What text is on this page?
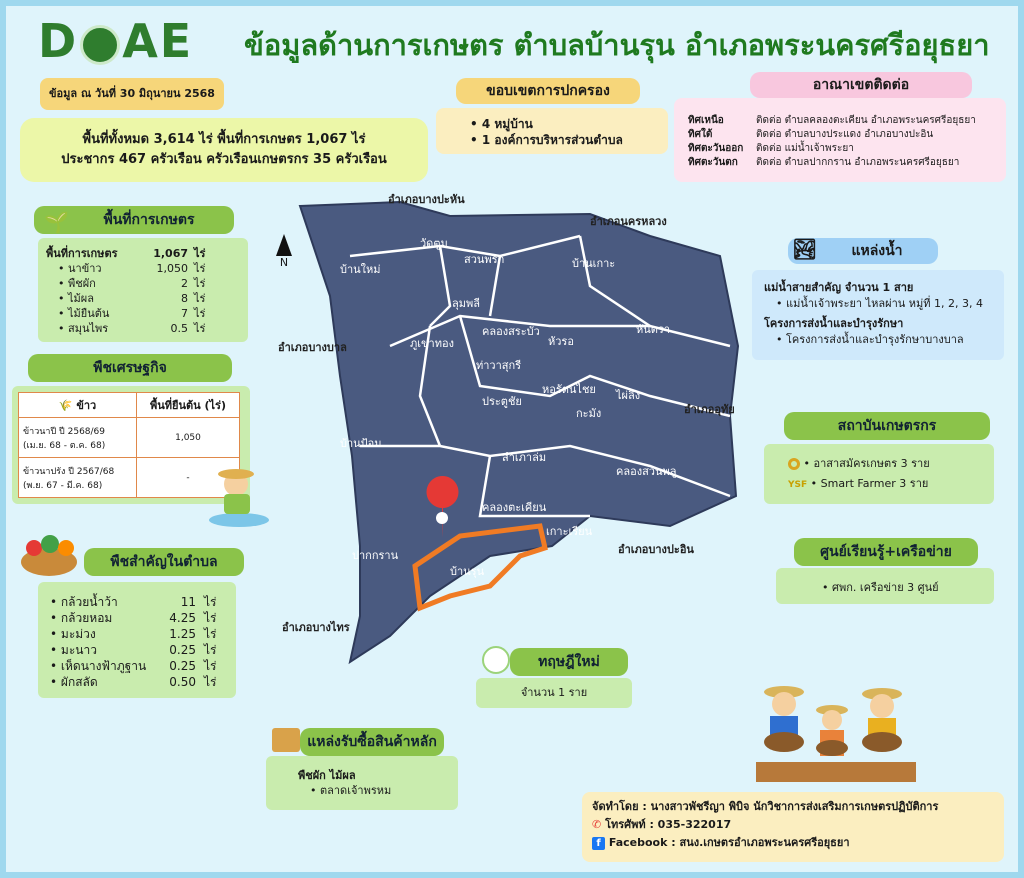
D AE ข้อมูลด้านการเกษตร ตำบลบ้านรุน อำเภอพระนครศรีอยุธยา
ข้อมูล ณ วันที่ 30 มิถุนายน 2568
พื้นที่ทั้งหมด 3,614 ไร่ พื้นที่การเกษตร 1,067 ไร่
ประชากร 467 ครัวเรือน ครัวเรือนเกษตรกร 35 ครัวเรือน
ขอบเขตการปกครอง
• 4 หมู่บ้าน
• 1 องค์การบริหารส่วนตำบล
อาณาเขตติดต่อ
ทิศเหนือ	ติดต่อ ตำบลคลองตะเคียน อำเภอพระนครศรีอยุธยา
ทิศใต้	ติดต่อ ตำบลบางประแดง อำเภอบางปะอิน
ทิศตะวันออก	ติดต่อ แม่น้ำเจ้าพระยา
ทิศตะวันตก	ติดต่อ ตำบลปากกราน อำเภอพระนครศรีอยุธยา
🌱 พื้นที่การเกษตร
พื้นที่การเกษตร	1,067 ไร่
• นาข้าว	1,050 ไร่
• พืชผัก	2 ไร่
• ไม้ผล	8 ไร่
• ไม้ยืนต้น	7 ไร่
• สมุนไพร	0.5 ไร่
พืชเศรษฐกิจ
🌾 ข้าว	พื้นที่ยืนต้น (ไร่)

ข้าวนาปี ปี 2568/69
(เม.ย. 68 - ต.ค. 68)	1,050

ข้าวนาปรัง ปี 2567/68
(พ.ย. 67 - มี.ค. 68)	-
พืชสำคัญในตำบล
• กล้วยน้ำว้า	11 ไร่
• กล้วยหอม	4.25 ไร่
• มะม่วง	1.25 ไร่
• มะนาว	0.25 ไร่
• เห็ดนางฟ้าภูฐาน	0.25 ไร่
• ผักสลัด	0.50 ไร่
วัดตูม
บ้านใหม่
สวนพริก	บ้านเกาะ
ลุมพลี
คลองสระบัว
ภูเขาทอง	หัวรอ
หันตรา
ท่าวาสุกรี
ประตูชัย
หอรัตนไชย
กะมัง
ไผ่ลิง
บ้านป้อม
สำเภาล่ม
คลองสวนพลู
คลองตะเคียน
เกาะเรียน
ปากกราน
บ้านรุน
N
อำเภอบางปะหัน
อำเภอนครหลวง
อำเภอบางบาล
อำเภออุทัย
อำเภอบางปะอิน
อำเภอบางไทร
🏞 แหล่งน้ำ
แม่น้ำสายสำคัญ จำนวน 1 สาย
• แม่น้ำเจ้าพระยา ไหลผ่าน หมู่ที่ 1, 2, 3, 4
โครงการส่งน้ำและบำรุงรักษา
• โครงการส่งน้ำและบำรุงรักษาบางบาล
สถาบันเกษตรกร
• อาสาสมัครเกษตร 3 ราย
YSF • Smart Farmer 3 ราย
ศูนย์เรียนรู้+เครือข่าย
• ศพก. เครือข่าย 3 ศูนย์
ทฤษฎีใหม่
จำนวน 1 ราย
แหล่งรับซื้อสินค้าหลัก
พืชผัก ไม้ผล
• ตลาดเจ้าพรหม
จัดทำโดย : นางสาวพัชรีญา พิบิจ นักวิชาการส่งเสริมการเกษตรปฏิบัติการ
✆ โทรศัพท์ : 035-322017
f Facebook : สนง.เกษตรอำเภอพระนครศรีอยุธยา
